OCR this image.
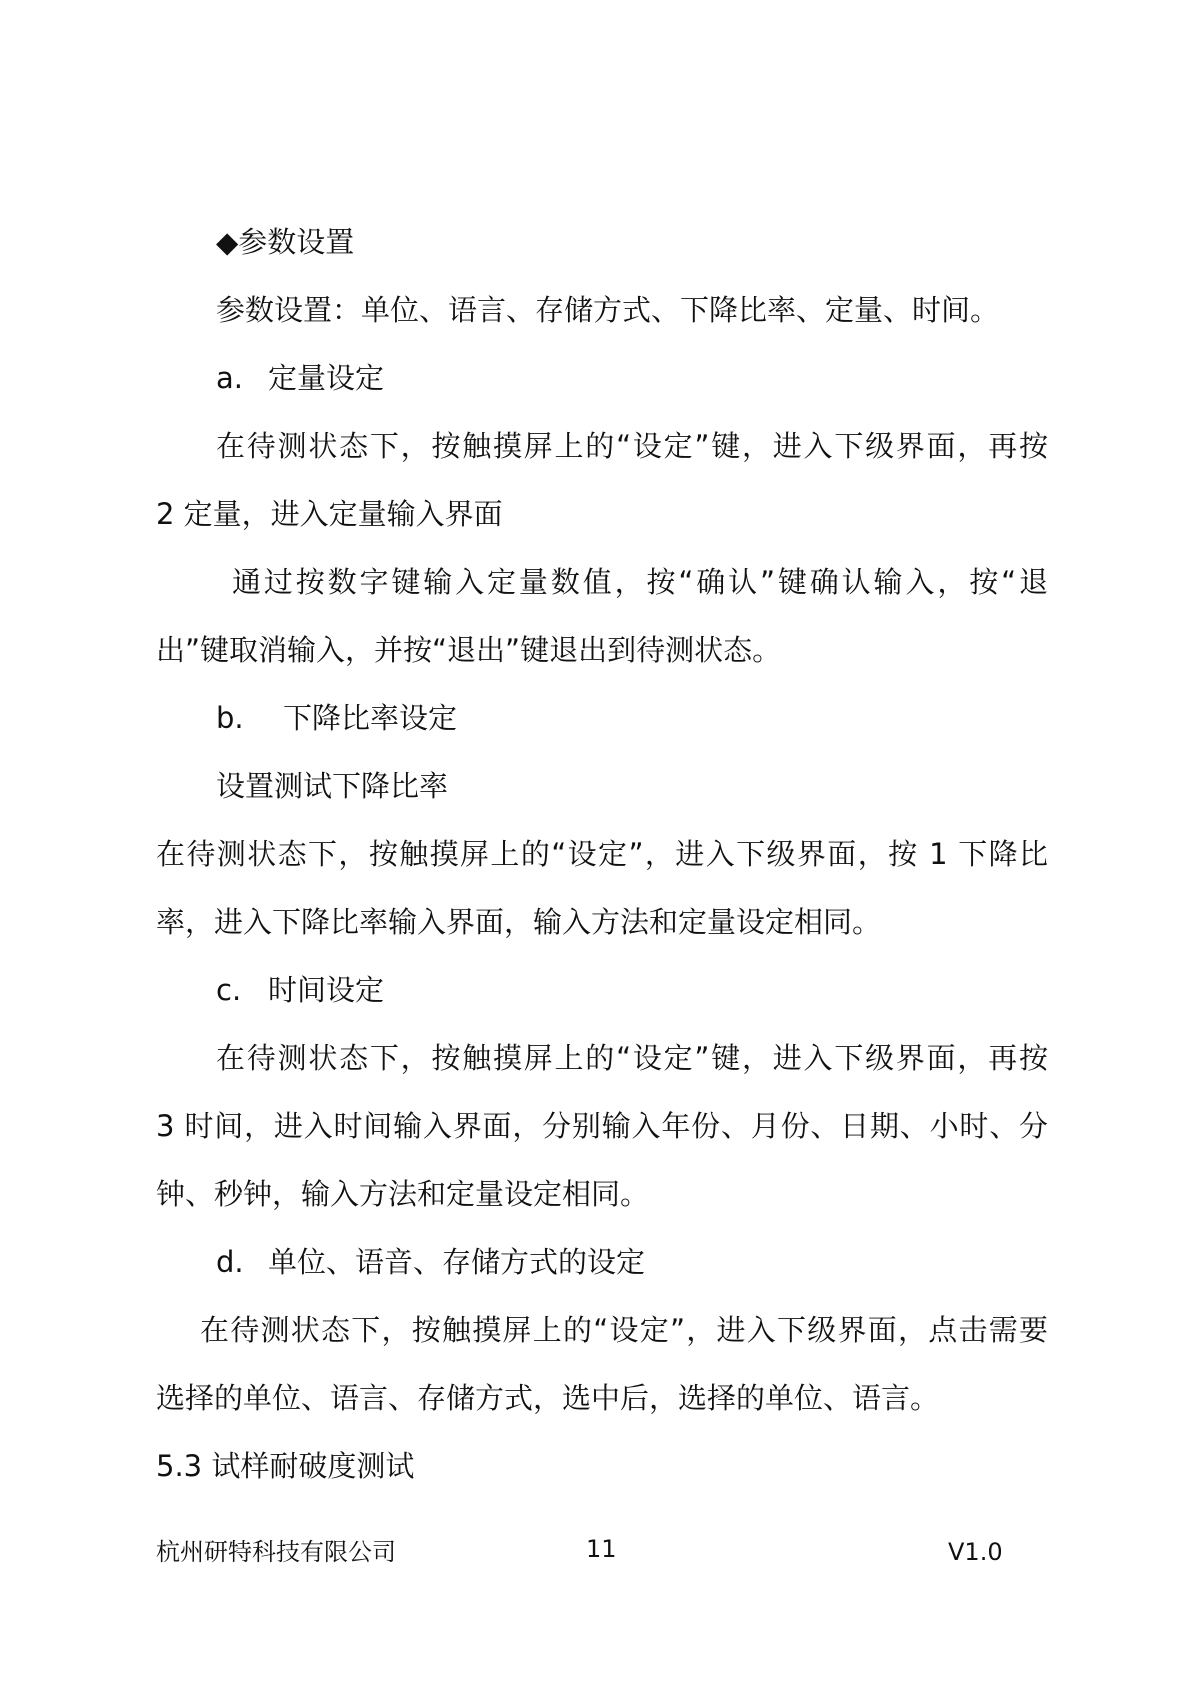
◆参数设置
参数设置：单位、语言、存储方式、下降比率、定量、时间。
a. 定量设定
在待测状态下，按触摸屏上的“设定”键，进入下级界面，再按
2 定量，进入定量输入界面
通过按数字键输入定量数值，按“确认”键确认输入，按“退
出”键取消输入，并按“退出”键退出到待测状态。
b. 下降比率设定
设置测试下降比率
在待测状态下，按触摸屏上的“设定”，进入下级界面，按 1 下降比
率，进入下降比率输入界面，输入方法和定量设定相同。
c. 时间设定
在待测状态下，按触摸屏上的“设定”键，进入下级界面，再按
3 时间，进入时间输入界面，分别输入年份、月份、日期、小时、分
钟、秒钟，输入方法和定量设定相同。
d. 单位、语音、存储方式的设定
在待测状态下，按触摸屏上的“设定”，进入下级界面，点击需要
选择的单位、语言、存储方式，选中后，选择的单位、语言。
5.3 试样耐破度测试
杭州研特科技有限公司	11	V1.0
